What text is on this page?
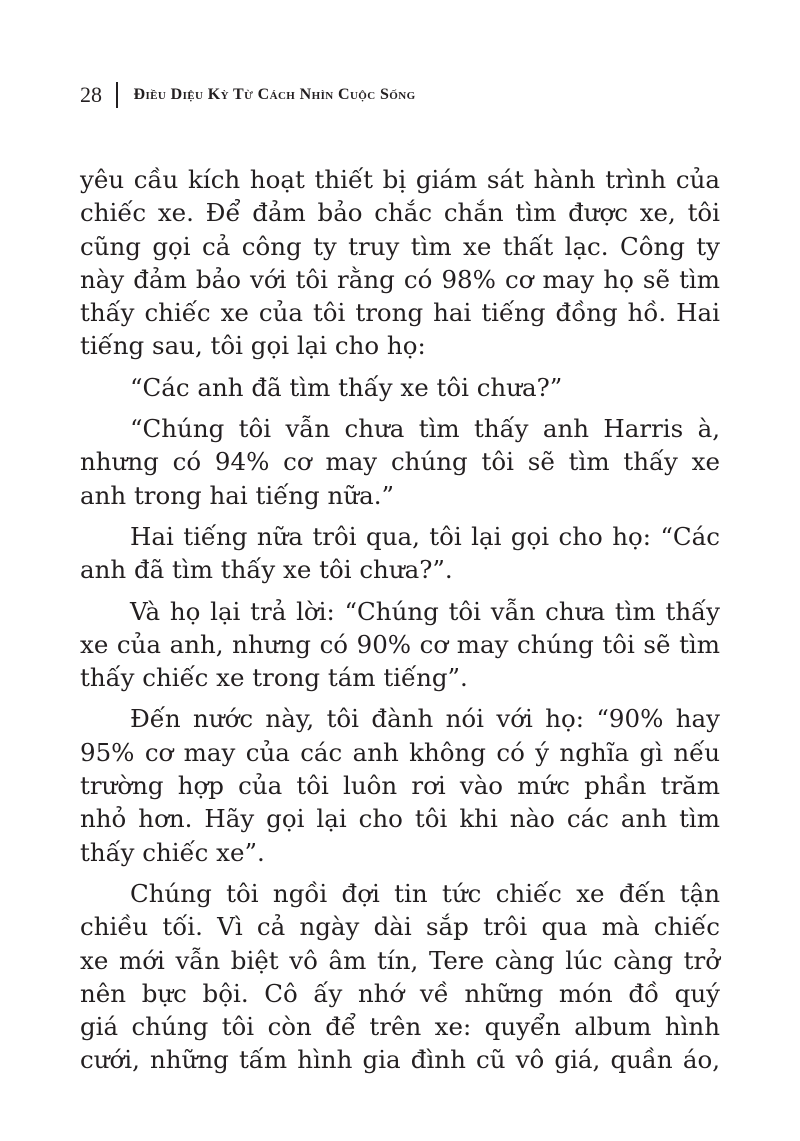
28 Điều Diệu Kỳ Từ Cách Nhìn Cuộc Sống
yêu cầu kích hoạt thiết bị giám sát hành trình của
chiếc xe. Để đảm bảo chắc chắn tìm được xe, tôi
cũng gọi cả công ty truy tìm xe thất lạc. Công ty
này đảm bảo với tôi rằng có 98% cơ may họ sẽ tìm
thấy chiếc xe của tôi trong hai tiếng đồng hồ. Hai
tiếng sau, tôi gọi lại cho họ:
“Các anh đã tìm thấy xe tôi chưa?”
“Chúng tôi vẫn chưa tìm thấy anh Harris à,
nhưng có 94% cơ may chúng tôi sẽ tìm thấy xe
anh trong hai tiếng nữa.”
Hai tiếng nữa trôi qua, tôi lại gọi cho họ: “Các
anh đã tìm thấy xe tôi chưa?”.
Và họ lại trả lời: “Chúng tôi vẫn chưa tìm thấy
xe của anh, nhưng có 90% cơ may chúng tôi sẽ tìm
thấy chiếc xe trong tám tiếng”.
Đến nước này, tôi đành nói với họ: “90% hay
95% cơ may của các anh không có ý nghĩa gì nếu
trường hợp của tôi luôn rơi vào mức phần trăm
nhỏ hơn. Hãy gọi lại cho tôi khi nào các anh tìm
thấy chiếc xe”.
Chúng tôi ngồi đợi tin tức chiếc xe đến tận
chiều tối. Vì cả ngày dài sắp trôi qua mà chiếc
xe mới vẫn biệt vô âm tín, Tere càng lúc càng trở
nên bực bội. Cô ấy nhớ về những món đồ quý
giá chúng tôi còn để trên xe: quyển album hình
cưới, những tấm hình gia đình cũ vô giá, quần áo,
